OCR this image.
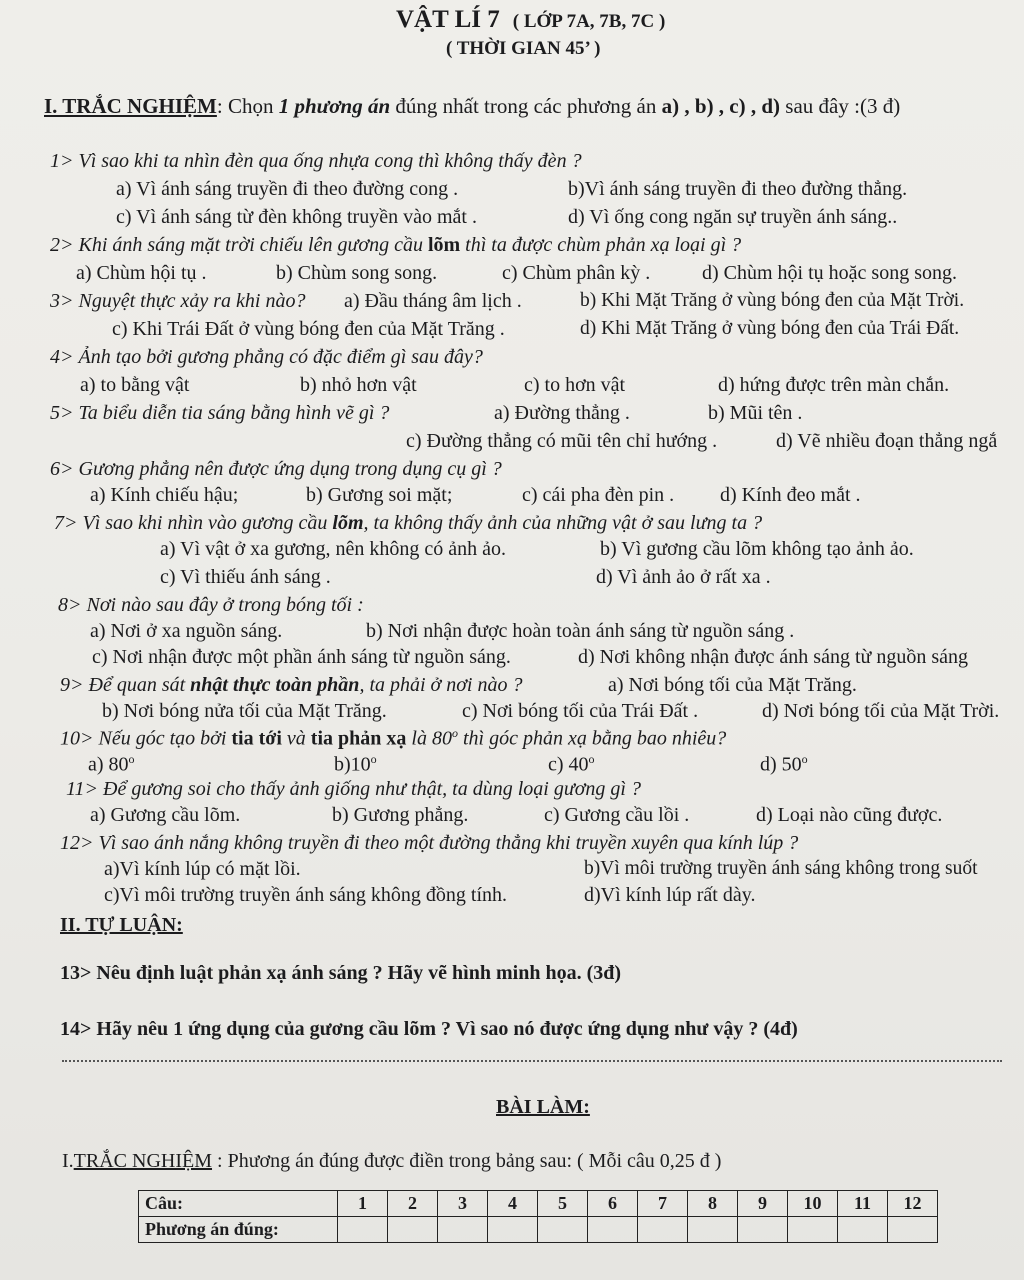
VẬT LÍ 7 ( LỚP 7A, 7B, 7C )
( THỜI GIAN 45’ )
I. TRẮC NGHIỆM: Chọn 1 phương án đúng nhất trong các phương án a) , b) , c) , d) sau đây :(3 đ)
1> Vì sao khi ta nhìn đèn qua ống nhựa cong thì không thấy đèn ?
a) Vì ánh sáng truyền đi theo đường cong .	b)Vì ánh sáng truyền đi theo đường thẳng.
c) Vì ánh sáng từ đèn không truyền vào mắt .	d) Vì ống cong ngăn sự truyền ánh sáng..
2> Khi ánh sáng mặt trời chiếu lên gương cầu lõm thì ta được chùm phản xạ loại gì ?
a) Chùm hội tụ .	b) Chùm song song.	c) Chùm phân kỳ .	d) Chùm hội tụ hoặc song song.
3> Nguyệt thực xảy ra khi nào? a) Đầu tháng âm lịch .	b) Khi Mặt Trăng ở vùng bóng đen của Mặt Trời.
c) Khi Trái Đất ở vùng bóng đen của Mặt Trăng .	d) Khi Mặt Trăng ở vùng bóng đen của Trái Đất.
4> Ảnh tạo bởi gương phẳng có đặc điểm gì sau đây?
a) to bằng vật	b) nhỏ hơn vật	c) to hơn vật	d) hứng được trên màn chắn.
5> Ta biểu diễn tia sáng bằng hình vẽ gì ?	a) Đường thẳng .	b) Mũi tên .
c) Đường thẳng có mũi tên chỉ hướng .	d) Vẽ nhiều đoạn thẳng ngắ
6> Gương phẳng nên được ứng dụng trong dụng cụ gì ?
a) Kính chiếu hậu;	b) Gương soi mặt;	c) cái pha đèn pin . d) Kính đeo mắt .
7> Vì sao khi nhìn vào gương cầu lõm, ta không thấy ảnh của những vật ở sau lưng ta ?
a) Vì vật ở xa gương, nên không có ảnh ảo.	b) Vì gương cầu lõm không tạo ảnh ảo.
c) Vì thiếu ánh sáng .	d) Vì ảnh ảo ở rất xa .
8> Nơi nào sau đây ở trong bóng tối :
a) Nơi ở xa nguồn sáng.	b) Nơi nhận được hoàn toàn ánh sáng từ nguồn sáng .
c) Nơi nhận được một phần ánh sáng từ nguồn sáng.	d) Nơi không nhận được ánh sáng từ nguồn sáng
9> Để quan sát nhật thực toàn phần, ta phải ở nơi nào ?	a) Nơi bóng tối của Mặt Trăng.
b) Nơi bóng nửa tối của Mặt Trăng.	c) Nơi bóng tối của Trái Đất .	d) Nơi bóng tối của Mặt Trời.
10> Nếu góc tạo bởi tia tới và tia phản xạ là 80$^o$ thì góc phản xạ bằng bao nhiêu?
a) 80$^o$	b)10$^o$	c) 40$^o$	d) 50$^o$
11> Để gương soi cho thấy ảnh giống như thật, ta dùng loại gương gì ?
a) Gương cầu lõm.	b) Gương phẳng.	c) Gương cầu lồi .	d) Loại nào cũng được.
12> Vì sao ánh nắng không truyền đi theo một đường thẳng khi truyền xuyên qua kính lúp ?
a)Vì kính lúp có mặt lồi.	b)Vì môi trường truyền ánh sáng không trong suốt
c)Vì môi trường truyền ánh sáng không đồng tính.	d)Vì kính lúp rất dày.
II. TỰ LUẬN:
13> Nêu định luật phản xạ ánh sáng ? Hãy vẽ hình minh họa. (3đ)
14> Hãy nêu 1 ứng dụng của gương cầu lõm ? Vì sao nó được ứng dụng như vậy ? (4đ)
BÀI LÀM:
I.TRẮC NGHIỆM : Phương án đúng được điền trong bảng sau: ( Mỗi câu 0,25 đ )
Câu:	1	2	3	4	5	6	7	8	9	10	11	12
Phương án đúng:												
